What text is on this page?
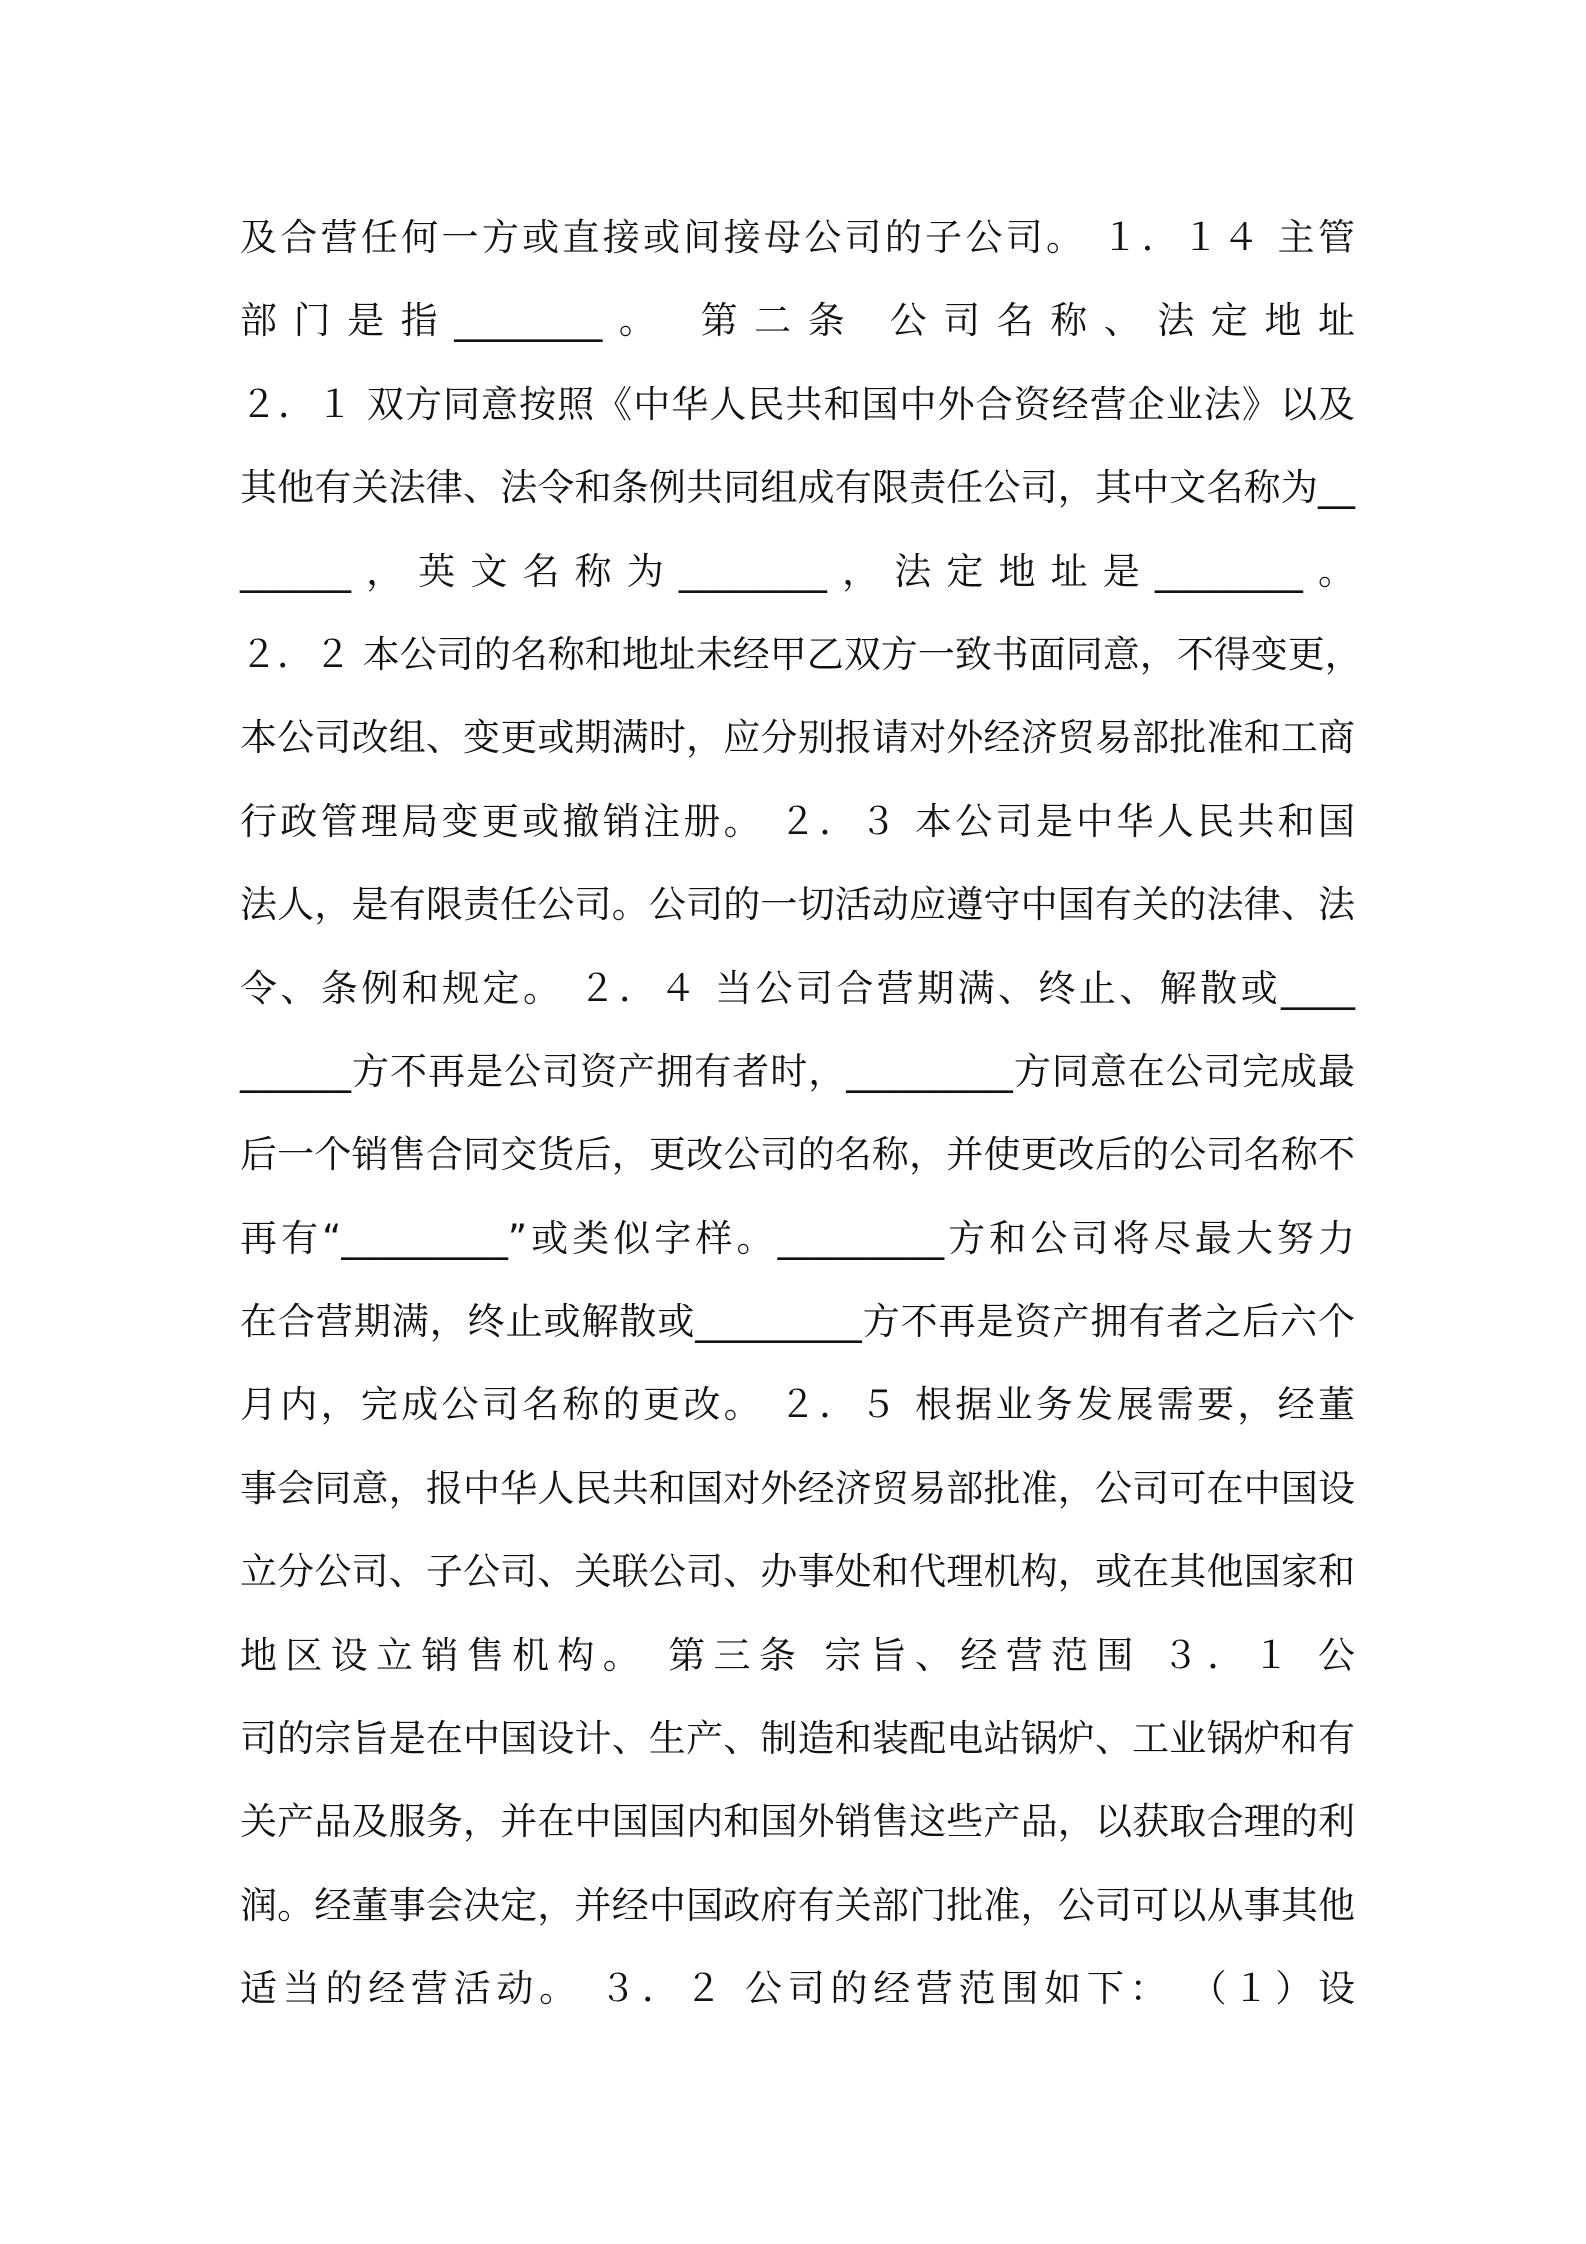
及合营任何一方或直接或间接母公司的子公司。 １．１４ 主管
部门是指________。 第二条 公司名称、法定地址
２．１ 双方同意按照《中华人民共和国中外合资经营企业法》以及
其他有关法律、法令和条例共同组成有限责任公司，其中文名称为__
______，英文名称为________，法定地址是________。
２．２ 本公司的名称和地址未经甲乙双方一致书面同意，不得变更，
本公司改组、变更或期满时，应分别报请对外经济贸易部批准和工商
行政管理局变更或撤销注册。 ２．３ 本公司是中华人民共和国
法人，是有限责任公司。公司的一切活动应遵守中国有关的法律、法
令、条例和规定。 ２．４ 当公司合营期满、终止、解散或____
______方不再是公司资产拥有者时，_________方同意在公司完成最
后一个销售合同交货后，更改公司的名称，并使更改后的公司名称不
再有“_________”或类似字样。_________方和公司将尽最大努力
在合营期满，终止或解散或_________方不再是资产拥有者之后六个
月内，完成公司名称的更改。 ２．５ 根据业务发展需要，经董
事会同意，报中华人民共和国对外经济贸易部批准，公司可在中国设
立分公司、子公司、关联公司、办事处和代理机构，或在其他国家和
地区设立销售机构。 第三条 宗旨、经营范围 ３．１ 公
司的宗旨是在中国设计、生产、制造和装配电站锅炉、工业锅炉和有
关产品及服务，并在中国国内和国外销售这些产品，以获取合理的利
润。经董事会决定，并经中国政府有关部门批准，公司可以从事其他
适当的经营活动。 ３．２ 公司的经营范围如下： （１）设
